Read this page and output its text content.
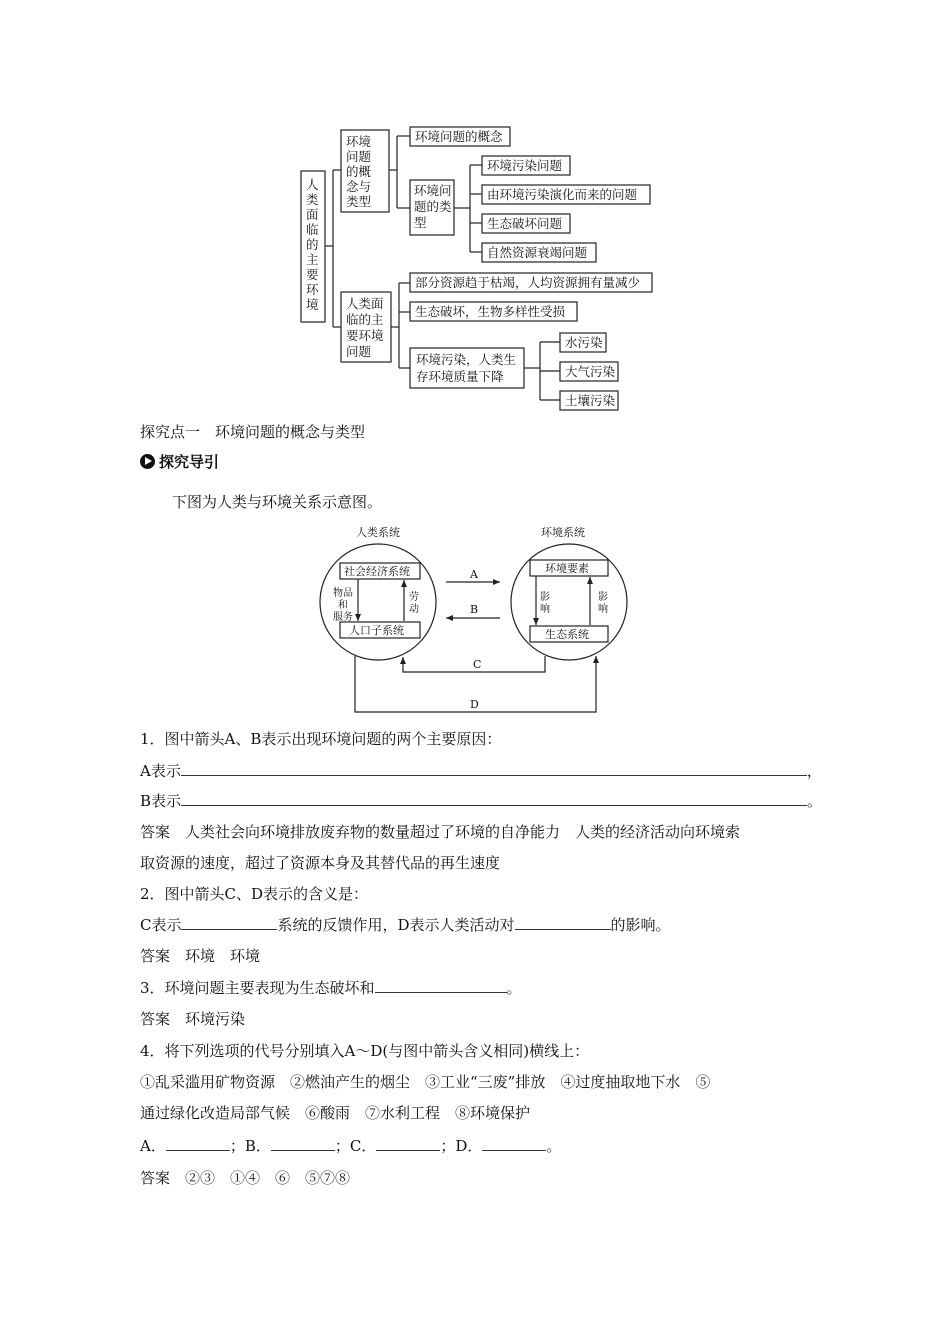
人
类
面
临
的
主
要
环
境
环境
问题
的概
念与
类型
环境问题的概念
环境问
题的类
型
环境污染问题
由环境污染演化而来的问题
生态破坏问题
自然资源衰竭问题
人类面
临的主
要环境
问题
部分资源趋于枯竭，人均资源拥有量减少
生态破坏，生物多样性受损
环境污染，人类生
存环境质量下降
水污染
大气污染
土壤污染
探究点一　环境问题的概念与类型
探究导引
下图为人类与环境关系示意图。
人类系统	环境系统
社会经济系统
人口子系统
环境要素
生态系统
物品
和
服务
劳
动
影
响
影
响
A
B
C
D
1．图中箭头A、B表示出现环境问题的两个主要原因：
A表示	，
B表示	。
答案　人类社会向环境排放废弃物的数量超过了环境的自净能力　人类的经济活动向环境索
取资源的速度，超过了资源本身及其替代品的再生速度
2．图中箭头C、D表示的含义是：
C表示	系统的反馈作用，D表示人类活动对	的影响。
答案　环境　环境
3．环境问题主要表现为生态破坏和	。
答案　环境污染
4．将下列选项的代号分别填入A～D(与图中箭头含义相同)横线上：
①乱采滥用矿物资源　②燃油产生的烟尘　③工业“三废”排放　④过度抽取地下水　⑤
通过绿化改造局部气候　⑥酸雨　⑦水利工程　⑧环境保护
A．	；B．	；C．	；D．	。
答案　②③　①④　⑥　⑤⑦⑧
